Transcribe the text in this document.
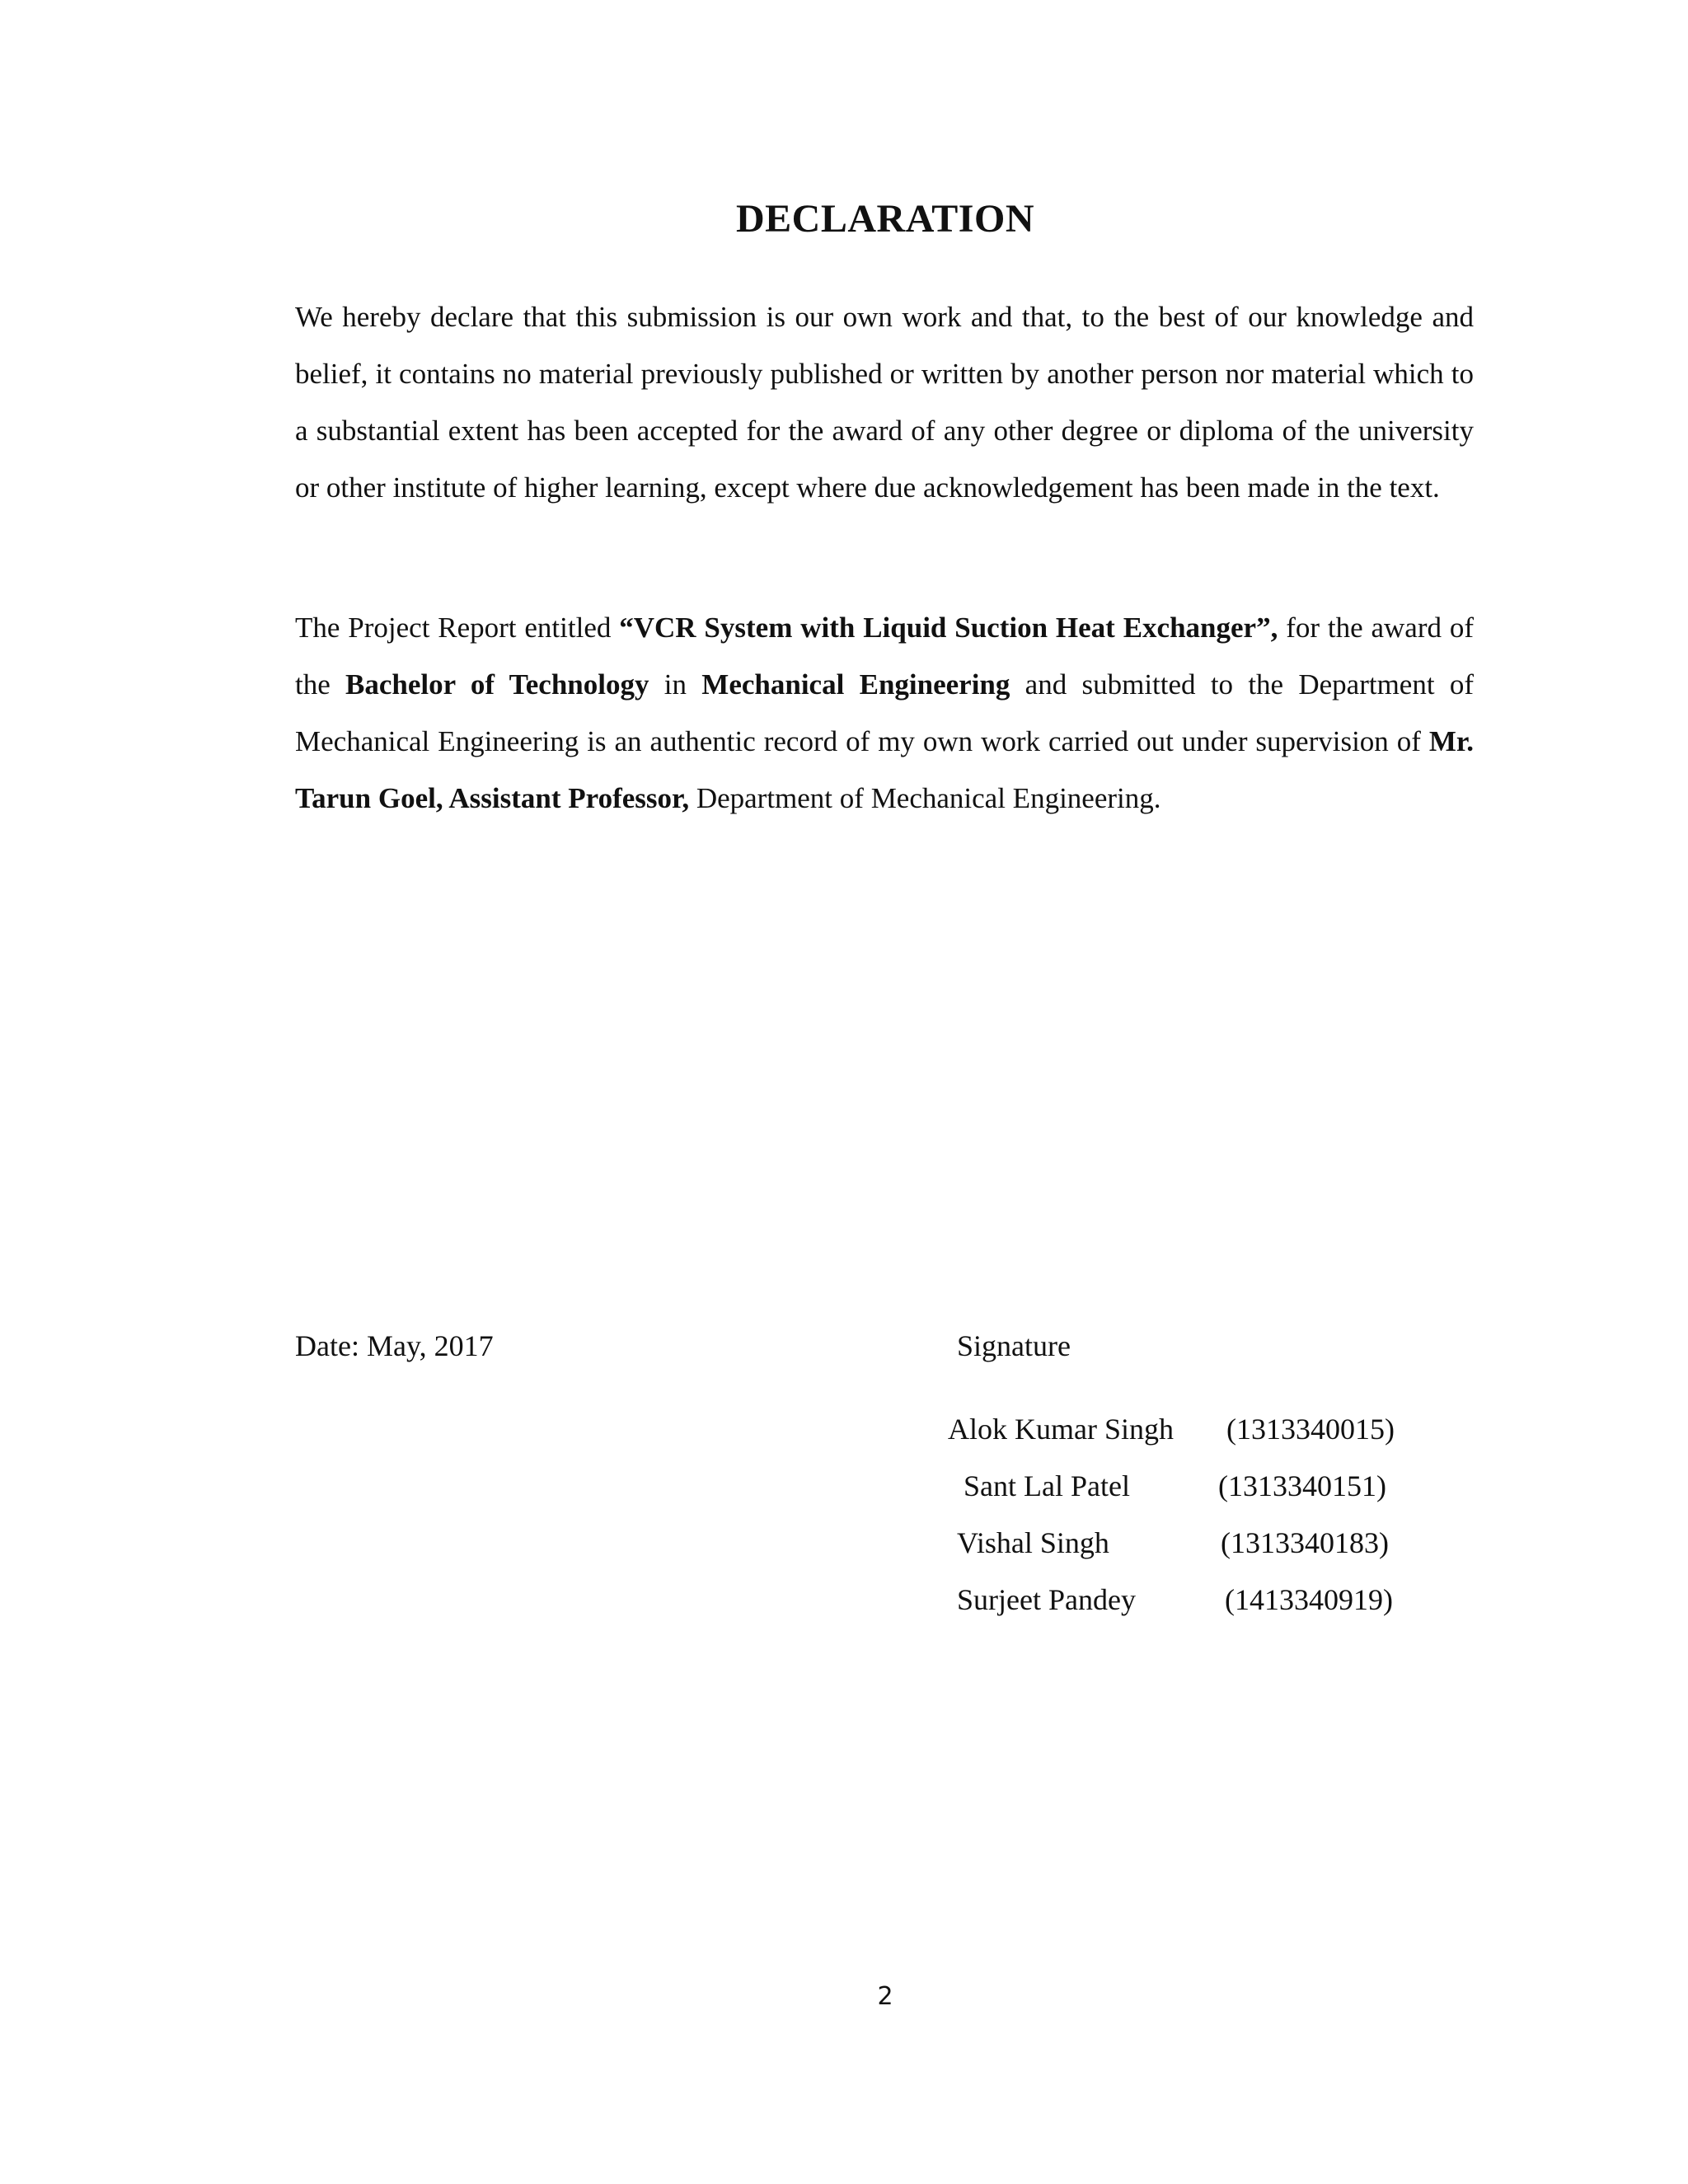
DECLARATION

We hereby declare that this submission is our own work and that, to the best of our knowledge and belief, it contains no material previously published or written by another person nor material which to a substantial extent has been accepted for the award of any other degree or diploma of the university or other institute of higher learning, except where due acknowledgement has been made in the text.

The Project Report entitled “VCR System with Liquid Suction Heat Exchanger”, for the award of the Bachelor of Technology in Mechanical Engineering and submitted to the Department of Mechanical Engineering is an authentic record of my own work carried out under supervision of Mr. Tarun Goel, Assistant Professor, Department of Mechanical Engineering.

Date: May, 2017	Signature
Alok Kumar Singh (1313340015)
Sant Lal Patel	(1313340151)
Vishal Singh	(1313340183)
Surjeet Pandey	(1413340919)
2
